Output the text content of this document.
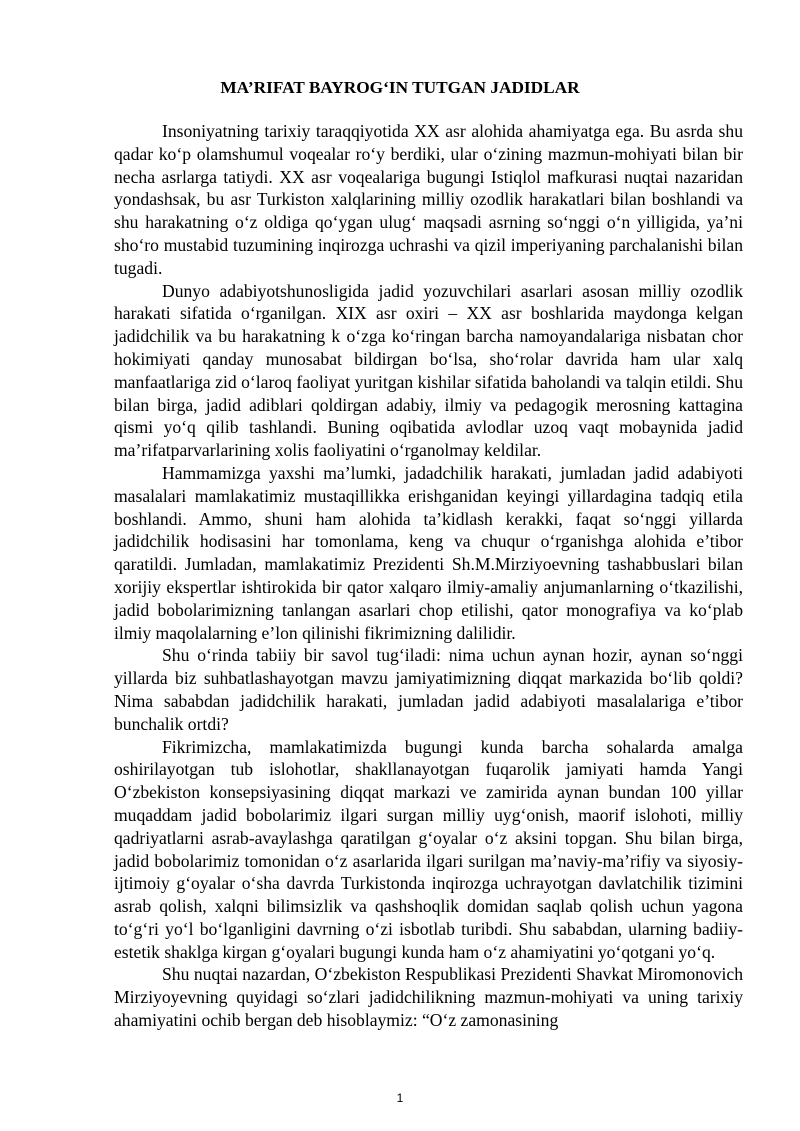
MA’RIFAT BAYROG‘IN TUTGAN JADIDLAR

Insoniyatning tarixiy taraqqiyotida XX asr alohida ahamiyatga ega. Bu asrda shu qadar ko‘p olamshumul voqealar ro‘y berdiki, ular o‘zining mazmun-mohiyati bilan bir necha asrlarga tatiydi. XX asr voqealariga bugungi Istiqlol mafkurasi nuqtai nazaridan yondashsak, bu asr Turkiston xalqlarining milliy ozodlik harakatlari bilan boshlandi va shu harakatning o‘z oldiga qo‘ygan ulug‘ maqsadi asrning so‘nggi o‘n yilligida, ya’ni sho‘ro mustabid tuzumining inqirozga uchrashi va qizil imperiyaning parchalanishi bilan tugadi.

Dunyo adabiyotshunosligida jadid yozuvchilari asarlari asosan milliy ozodlik harakati sifatida o‘rganilgan. XIX asr oxiri – XX asr boshlarida maydonga kelgan jadidchilik va bu harakatning k o‘zga ko‘ringan barcha namoyandalariga nisbatan chor hokimiyati qanday munosabat bildirgan bo‘lsa, sho‘rolar davrida ham ular xalq manfaatlariga zid o‘laroq faoliyat yuritgan kishilar sifatida baholandi va talqin etildi. Shu bilan birga, jadid adiblari qoldirgan adabiy, ilmiy va pedagogik merosning kattagina qismi yo‘q qilib tashlandi. Buning oqibatida avlodlar uzoq vaqt mobaynida jadid ma’rifatparvarlarining xolis faoliyatini o‘rganolmay keldilar.

Hammamizga yaxshi ma’lumki, jadadchilik harakati, jumladan jadid adabiyoti masalalari mamlakatimiz mustaqillikka erishganidan keyingi yillardagina tadqiq etila boshlandi. Ammo, shuni ham alohida ta’kidlash kerakki, faqat so‘nggi yillarda jadidchilik hodisasini har tomonlama, keng va chuqur o‘rganishga alohida e’tibor qaratildi. Jumladan, mamlakatimiz Prezidenti Sh.M.Mirziyoevning tashabbuslari bilan xorijiy ekspertlar ishtirokida bir qator xalqaro ilmiy-amaliy anjumanlarning o‘tkazilishi, jadid bobolarimizning tanlangan asarlari chop etilishi, qator monografiya va ko‘plab ilmiy maqolalarning e’lon qilinishi fikrimizning dalilidir.

Shu o‘rinda tabiiy bir savol tug‘iladi: nima uchun aynan hozir, aynan so‘nggi yillarda biz suhbatlashayotgan mavzu jamiyatimizning diqqat markazida bo‘lib qoldi? Nima sababdan jadidchilik harakati, jumladan jadid adabiyoti masalalariga e’tibor bunchalik ortdi?

Fikrimizcha, mamlakatimizda bugungi kunda barcha sohalarda amalga oshirilayotgan tub islohotlar, shakllanayotgan fuqarolik jamiyati hamda Yangi O‘zbekiston konsepsiyasining diqqat markazi ve zamirida aynan bundan 100 yillar muqaddam jadid bobolarimiz ilgari surgan milliy uyg‘onish, maorif islohoti, milliy qadriyatlarni asrab-avaylashga qaratilgan g‘oyalar o‘z aksini topgan. Shu bilan birga, jadid bobolarimiz tomonidan o‘z asarlarida ilgari surilgan ma’naviy-ma’rifiy va siyosiy-ijtimoiy g‘oyalar o‘sha davrda Turkistonda inqirozga uchrayotgan davlatchilik tizimini asrab qolish, xalqni bilimsizlik va qashshoqlik domidan saqlab qolish uchun yagona to‘g‘ri yo‘l bo‘lganligini davrning o‘zi isbotlab turibdi. Shu sababdan, ularning badiiy-estetik shaklga kirgan g‘oyalari bugungi kunda ham o‘z ahamiyatini yo‘qotgani yo‘q.

Shu nuqtai nazardan, O‘zbekiston Respublikasi Prezidenti Shavkat Miromonovich Mirziyoyevning quyidagi so‘zlari jadidchilikning mazmun-mohiyati va uning tarixiy ahamiyatini ochib bergan deb hisoblaymiz: “O‘z zamonasining

1
